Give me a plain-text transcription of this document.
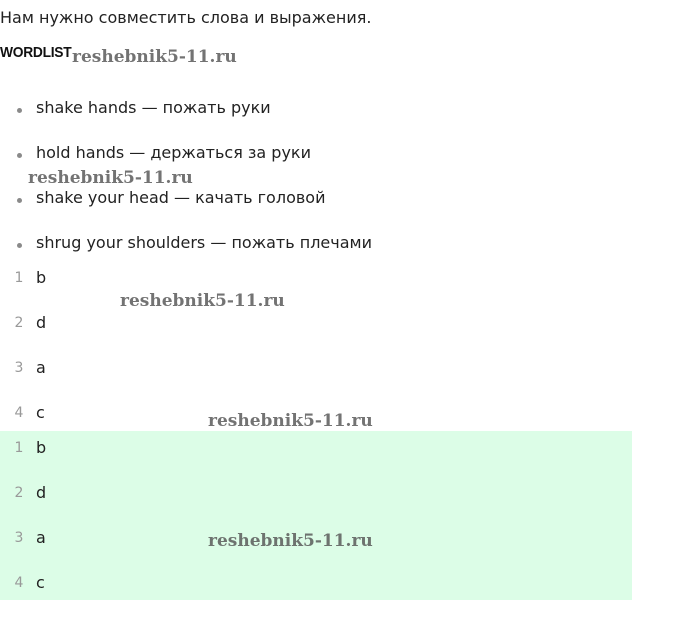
Нам нужно совместить слова и выражения.
WORDLIST
shake hands — пожать руки
hold hands — держаться за руки
shake your head — качать головой
shrug your shoulders — пожать плечами
1 b
2 d
3 a
4 c
1 b
2 d
3 a
4 c
reshebnik5-11.ru
reshebnik5-11.ru
reshebnik5-11.ru
reshebnik5-11.ru
reshebnik5-11.ru
